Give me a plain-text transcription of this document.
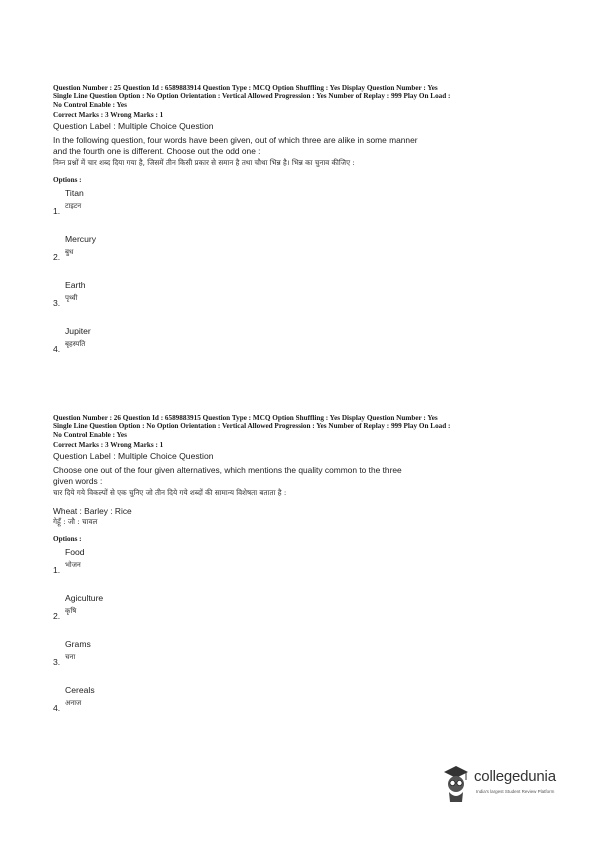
Question Number : 25 Question Id : 6589883914 Question Type : MCQ Option Shuffling : Yes Display Question Number : Yes
Single Line Question Option : No Option Orientation : Vertical Allowed Progression : Yes Number of Replay : 999 Play On Load :
No Control Enable : Yes
Correct Marks : 3 Wrong Marks : 1
Question Label : Multiple Choice Question
In the following question, four words have been given, out of which three are alike in some manner and the fourth one is different. Choose out the odd one :
निम्न प्रश्नों में चार शब्द दिया गया है, जिसमें तीन किसी प्रकार से समान है तथा चौथा भिन्न है। भिन्न का चुनाव कीजिए :
Options :
Titan
टाइटन
1.
Mercury
बुध
2.
Earth
पृथ्वी
3.
Jupiter
बृहस्पति
4.
Question Number : 26 Question Id : 6589883915 Question Type : MCQ Option Shuffling : Yes Display Question Number : Yes
Single Line Question Option : No Option Orientation : Vertical Allowed Progression : Yes Number of Replay : 999 Play On Load :
No Control Enable : Yes
Correct Marks : 3 Wrong Marks : 1
Question Label : Multiple Choice Question
Choose one out of the four given alternatives, which mentions the quality common to the three given words :
चार दिये गये विकल्पों से एक चुनिए जो तीन दिये गये शब्दों की सामान्य विशेषता बताता है :
Wheat : Barley : Rice
गेहूँ : जौ : चावल
Options :
Food
भोजन
1.
Agiculture
कृषि
2.
Grams
चना
3.
Cereals
अनाज
4.
collegedunia
India's largest Student Review Platform
